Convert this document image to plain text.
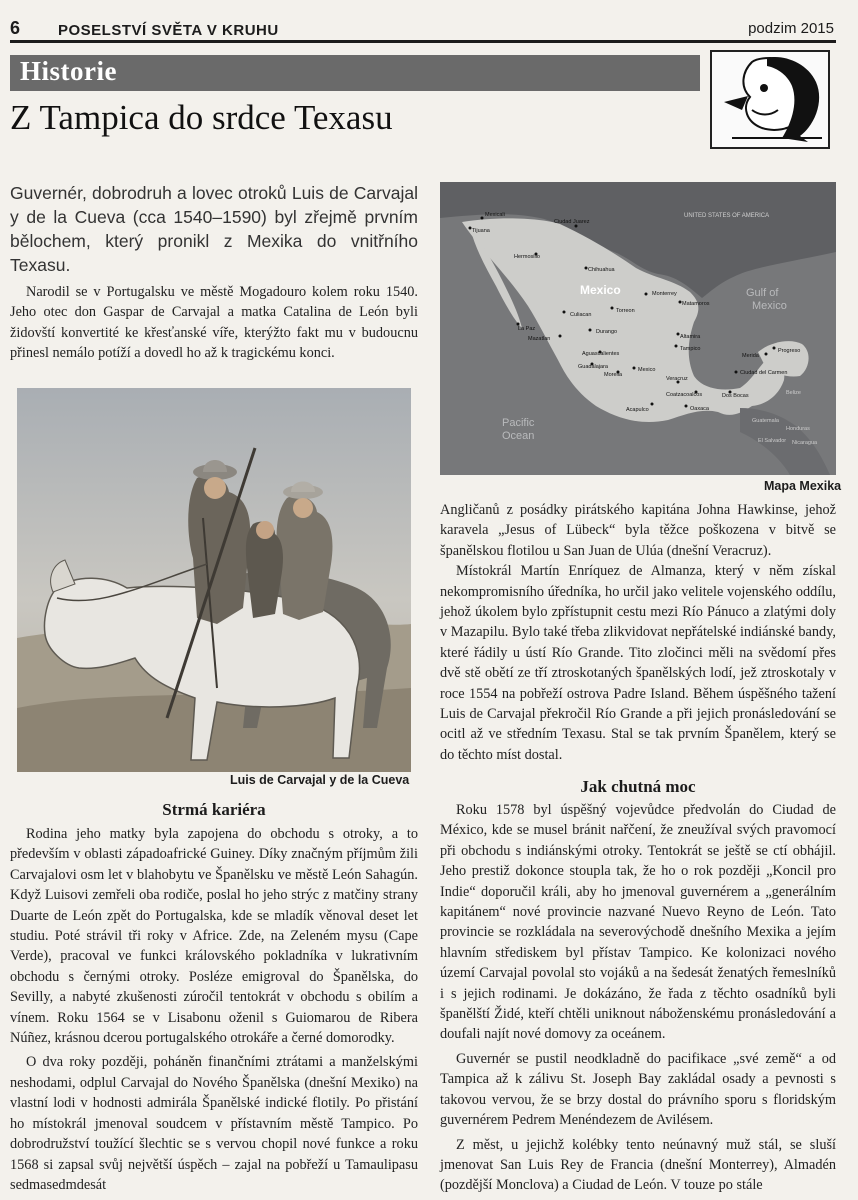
6	POSELSTVÍ SVĚTA V KRUHU	podzim 2015
Historie
Z Tampica do srdce Texasu
Guvernér, dobrodruh a lovec otroků Luis de Carvajal y de la Cueva (cca 1540–1590) byl zřejmě prvním bělochem, který pronikl z Mexika do vnitřního Texasu.

Narodil se v Portugalsku ve městě Mogadouro kolem roku 1540. Jeho otec don Gaspar de Carvajal a matka Catalina de León byli židovští konvertité ke křesťanské víře, kterýžto fakt mu v budoucnu přinesl nemálo potíží a dovedl ho až k tragickému konci.

Luis de Carvajal y de la Cueva
Mexico	Gulf of
Mexico
Pacific
Ocean
UNITED STATES OF AMERICA
Mexicali
Tijuana
Ciudad Juarez
Hermosillo
Chihuahua
Monterrey
Matamoros
Torreon
Culiacan
Durango
Altamira
Tampico
La Paz
Mazatlan
Aguascalientes
Guadalajara
Morelia
Mexico
Veracruz
Merida
Progreso
Ciudad del Carmen
Dos Bocas
Coatzacoalcos
Oaxaca
Acapulco
Belize
Guatemala
Honduras
El Salvador Nicaragua
Mapa Mexika

Angličanů z posádky pirátského kapitána Johna Hawkinse, jehož karavela „Jesus of Lübeck“ byla těžce poškozena v bitvě se španělskou flotilou u San Juan de Ulúa (dnešní Veracruz).

Místokrál Martín Enríquez de Almanza, který v něm získal nekompromisního úředníka, ho určil jako velitele vojenského oddílu, jehož úkolem bylo zpřístupnit cestu mezi Río Pánuco a zlatými doly v Mazapilu. Bylo také třeba zlikvidovat nepřátelské indiánské bandy, které řádily u ústí Río Grande. Tito zločinci měli na svědomí přes dvě stě obětí ze tří ztroskotaných španělských lodí, jež ztroskotaly v roce 1554 na pobřeží ostrova Padre Island. Během úspěšného tažení Luis de Carvajal překročil Río Grande a při jejich pronásledování se ocitl až ve středním Texasu. Stal se tak prvním Španělem, který se do těchto míst dostal.

Jak chutná moc

Roku 1578 byl úspěšný vojevůdce předvolán do Ciudad de México, kde se musel bránit nařčení, že zneužíval svých pravomocí při obchodu s indiánskými otroky. Tentokrát se ještě se ctí obhájil. Jeho prestiž dokonce stoupla tak, že ho o rok později „Koncil pro Indie“ doporučil králi, aby ho jmenoval guvernérem a „generálním kapitánem“ nové provincie nazvané Nuevo Reyno de León. Tato provincie se rozkládala na severovýchodě dnešního Mexika a jejím hlavním střediskem byl přístav Tampico. Ke kolonizaci nového území Carvajal povolal sto vojáků a na šedesát ženatých řemeslníků i s jejich rodinami. Je dokázáno, že řada z těchto osadníků byli španělští Židé, kteří chtěli uniknout náboženskému pronásledování a doufali najít nové domovy za oceánem.

Guvernér se pustil neodkladně do pacifikace „své země“ a od Tampica až k zálivu St. Joseph Bay zakládal osady a pevnosti s takovou vervou, že se brzy dostal do právního sporu s floridským guvernérem Pedrem Menéndezem de Avilésem.

Z měst, u jejichž kolébky tento neúnavný muž stál, se sluší jmenovat San Luis Rey de Francia (dnešní Monterrey), Almadén (pozdější Monclova) a Ciudad de León. V touze po stále

Strmá kariéra

Rodina jeho matky byla zapojena do obchodu s otroky, a to především v oblasti západoafrické Guiney. Díky značným příjmům žili Carvajalovi osm let v blahobytu ve Španělsku ve městě León Sahagún. Když Luisovi zemřeli oba rodiče, poslal ho jeho strýc z matčiny strany Duarte de León zpět do Portugalska, kde se mladík věnoval deset let studiu. Poté strávil tři roky v Africe. Zde, na Zeleném mysu (Cape Verde), pracoval ve funkci královského pokladníka v lukrativním obchodu s černými otroky. Posléze emigroval do Španělska, do Sevilly, a nabyté zkušenosti zúročil tentokrát v obchodu s obilím a vínem. Roku 1564 se v Lisabonu oženil s Guiomarou de Ribera Núñez, krásnou dcerou portugalského otrokáře a černé domorodky.

O dva roky později, poháněn finančními ztrátami a manželskými neshodami, odplul Carvajal do Nového Španělska (dnešní Mexiko) na vlastní lodi v hodnosti admirála Španělské indické flotily. Po přistání ho místokrál jmenoval soudcem v přístavním městě Tampico. Po dobrodružství toužící šlechtic se s vervou chopil nové funkce a roku 1568 si zapsal svůj největší úspěch – zajal na pobřeží u Tamaulipasu sedmasedmdesát
